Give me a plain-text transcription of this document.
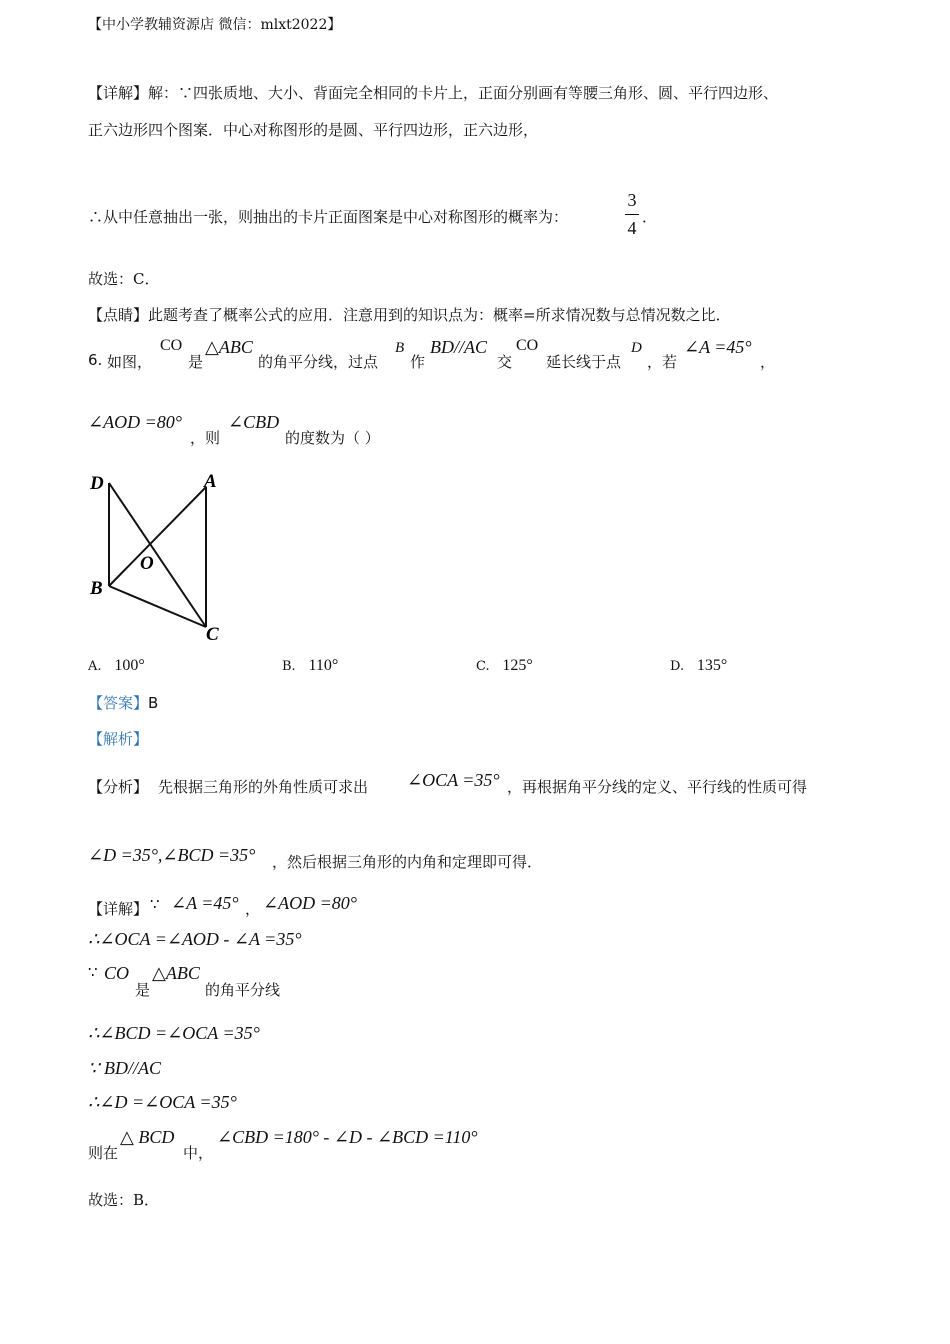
【中小学教辅资源店 微信：mlxt2022】
【详解】解：∵四张质地、大小、背面完全相同的卡片上，正面分别画有等腰三角形、圆、平行四边形、
正六边形四个图案．中心对称图形的是圆、平行四边形，正六边形，
∴从中任意抽出一张，则抽出的卡片正面图案是中心对称图形的概率为：
3
4
．
故选：C．
【点睛】此题考查了概率公式的应用．注意用到的知识点为：概率=所求情况数与总情况数之比．
6. 如图，
CO
是
△ABC
的角平分线，过点
B
作
BD//AC
交
CO
延长线于点
D
，若
∠A =45°
，
∠AOD =80°
，则
∠CBD
的度数为（ ）
D	A
O
B
C
A. 100°	B. 110°	C. 125°	D. 135°
【答案】B
【解析】
【分析】 先根据三角形的外角性质可求出 ∠OCA =35° ，再根据角平分线的定义、平行线的性质可得
∠D =35°,∠BCD =35° ，然后根据三角形的内角和定理即可得．
【详解】 ∵ ∠A =45° ， ∠AOD =80°
∴∠OCA =∠AOD - ∠A =35°
∵ CO
是
△ABC
的角平分线
∴∠BCD =∠OCA =35°
∵ BD//AC
∴∠D =∠OCA =35°
则在
△ BCD
中，
∠CBD =180° - ∠D - ∠BCD =110°
故选：B．
